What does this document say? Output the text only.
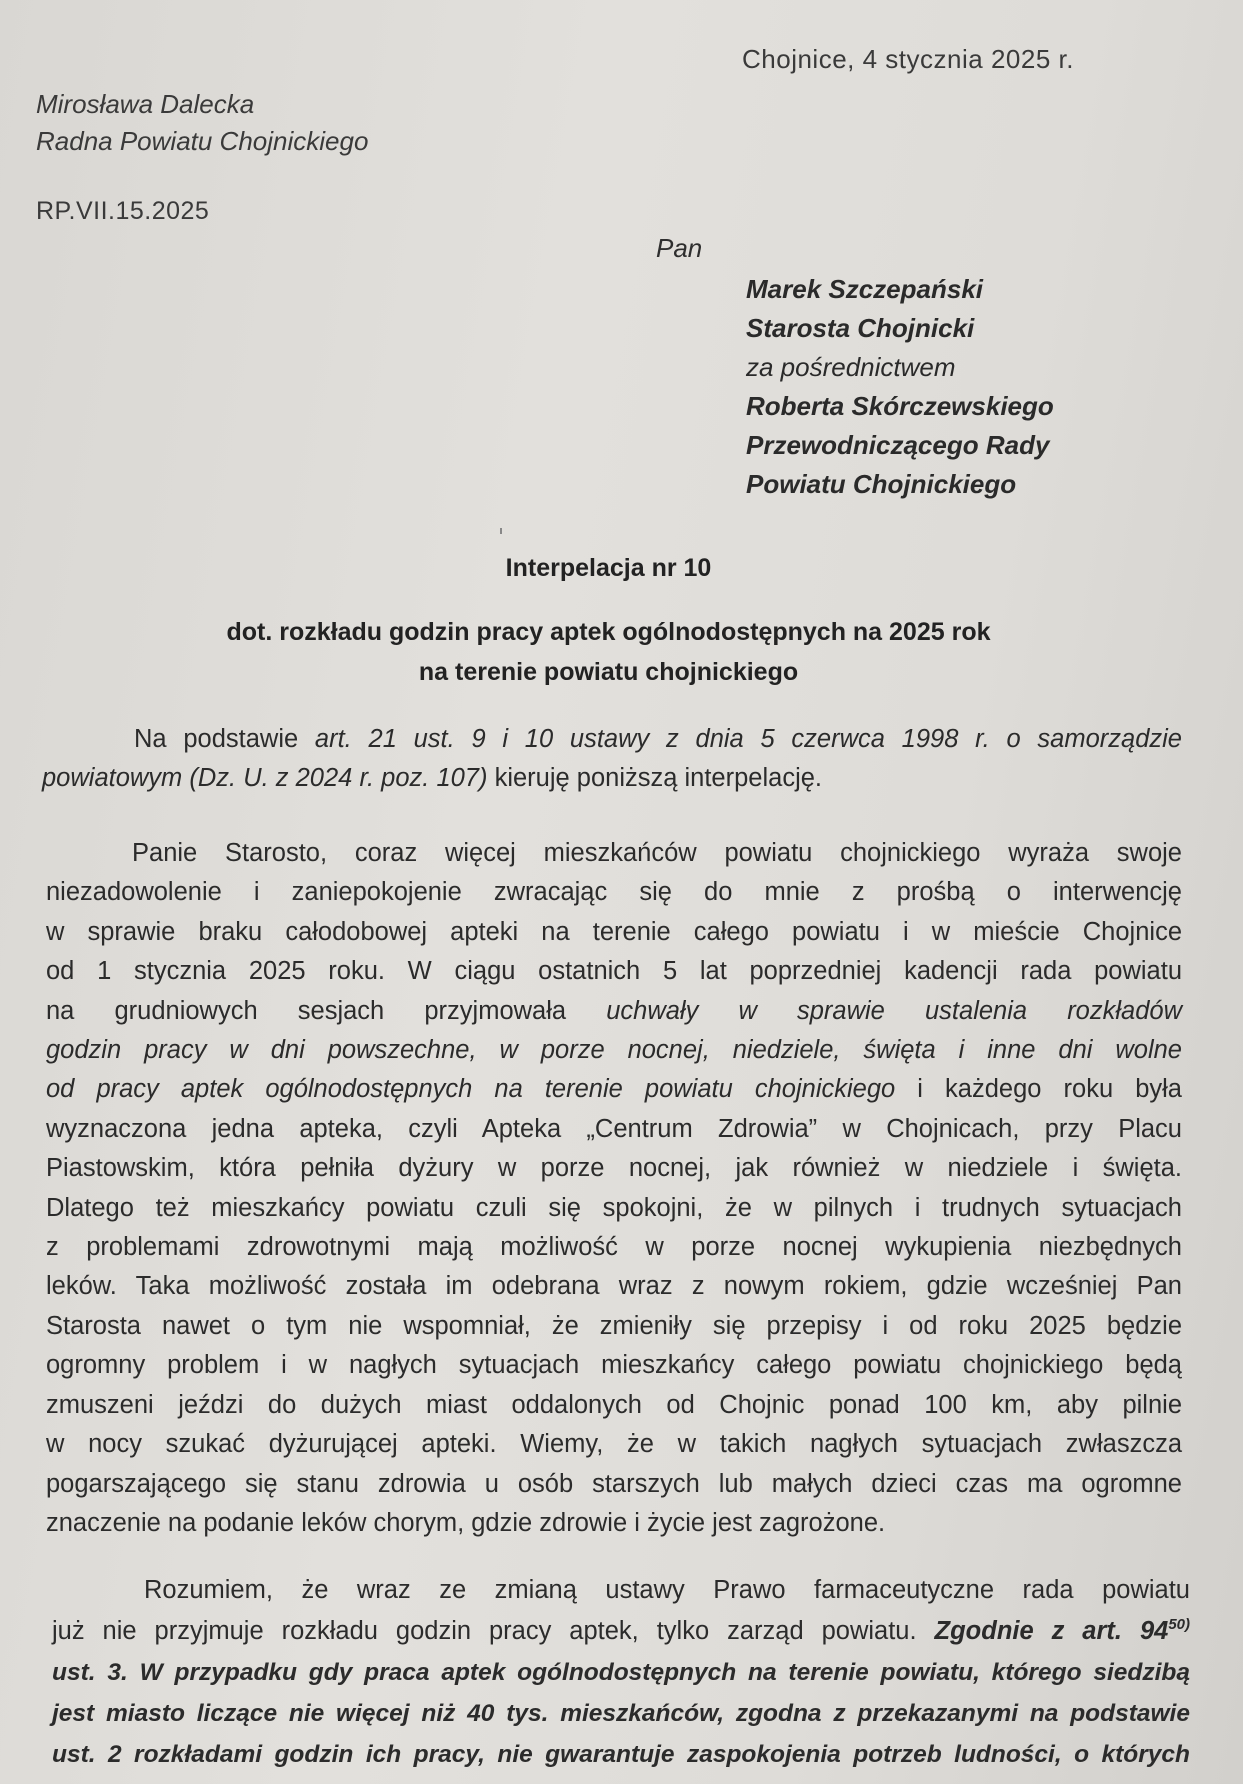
Chojnice, 4 stycznia 2025 r.
Mirosława Dalecka
Radna Powiatu Chojnickiego
RP.VII.15.2025
Pan
Marek Szczepański
Starosta Chojnicki
za pośrednictwem
Roberta Skórczewskiego
Przewodniczącego Rady
Powiatu Chojnickiego
Interpelacja nr 10
dot. rozkładu godzin pracy aptek ogólnodostępnych na 2025 rok
na terenie powiatu chojnickiego
Na podstawie art. 21 ust. 9 i 10 ustawy z dnia 5 czerwca 1998 r. o samorządzie
powiatowym (Dz. U. z 2024 r. poz. 107) kieruję poniższą interpelację.
Panie Starosto, coraz więcej mieszkańców powiatu chojnickiego wyraża swoje
niezadowolenie i zaniepokojenie zwracając się do mnie z prośbą o interwencję
w sprawie braku całodobowej apteki na terenie całego powiatu i w mieście Chojnice
od 1 stycznia 2025 roku. W ciągu ostatnich 5 lat poprzedniej kadencji rada powiatu
na grudniowych sesjach przyjmowała uchwały w sprawie ustalenia rozkładów
godzin pracy w dni powszechne, w porze nocnej, niedziele, święta i inne dni wolne
od pracy aptek ogólnodostępnych na terenie powiatu chojnickiego i każdego roku była
wyznaczona jedna apteka, czyli Apteka „Centrum Zdrowia” w Chojnicach, przy Placu
Piastowskim, która pełniła dyżury w porze nocnej, jak również w niedziele i święta.
Dlatego też mieszkańcy powiatu czuli się spokojni, że w pilnych i trudnych sytuacjach
z problemami zdrowotnymi mają możliwość w porze nocnej wykupienia niezbędnych
leków. Taka możliwość została im odebrana wraz z nowym rokiem, gdzie wcześniej Pan
Starosta nawet o tym nie wspomniał, że zmieniły się przepisy i od roku 2025 będzie
ogromny problem i w nagłych sytuacjach mieszkańcy całego powiatu chojnickiego będą
zmuszeni jeździ do dużych miast oddalonych od Chojnic ponad 100 km, aby pilnie
w nocy szukać dyżurującej apteki. Wiemy, że w takich nagłych sytuacjach zwłaszcza
pogarszającego się stanu zdrowia u osób starszych lub małych dzieci czas ma ogromne
znaczenie na podanie leków chorym, gdzie zdrowie i życie jest zagrożone.
Rozumiem, że wraz ze zmianą ustawy Prawo farmaceutyczne rada powiatu
już nie przyjmuje rozkładu godzin pracy aptek, tylko zarząd powiatu. Zgodnie z art. 94$^{50)}$
ust. 3. W przypadku gdy praca aptek ogólnodostępnych na terenie powiatu, którego siedzibą
jest miasto liczące nie więcej niż 40 tys. mieszkańców, zgodna z przekazanymi na podstawie
ust. 2 rozkładami godzin ich pracy, nie gwarantuje zaspokojenia potrzeb ludności, o których
